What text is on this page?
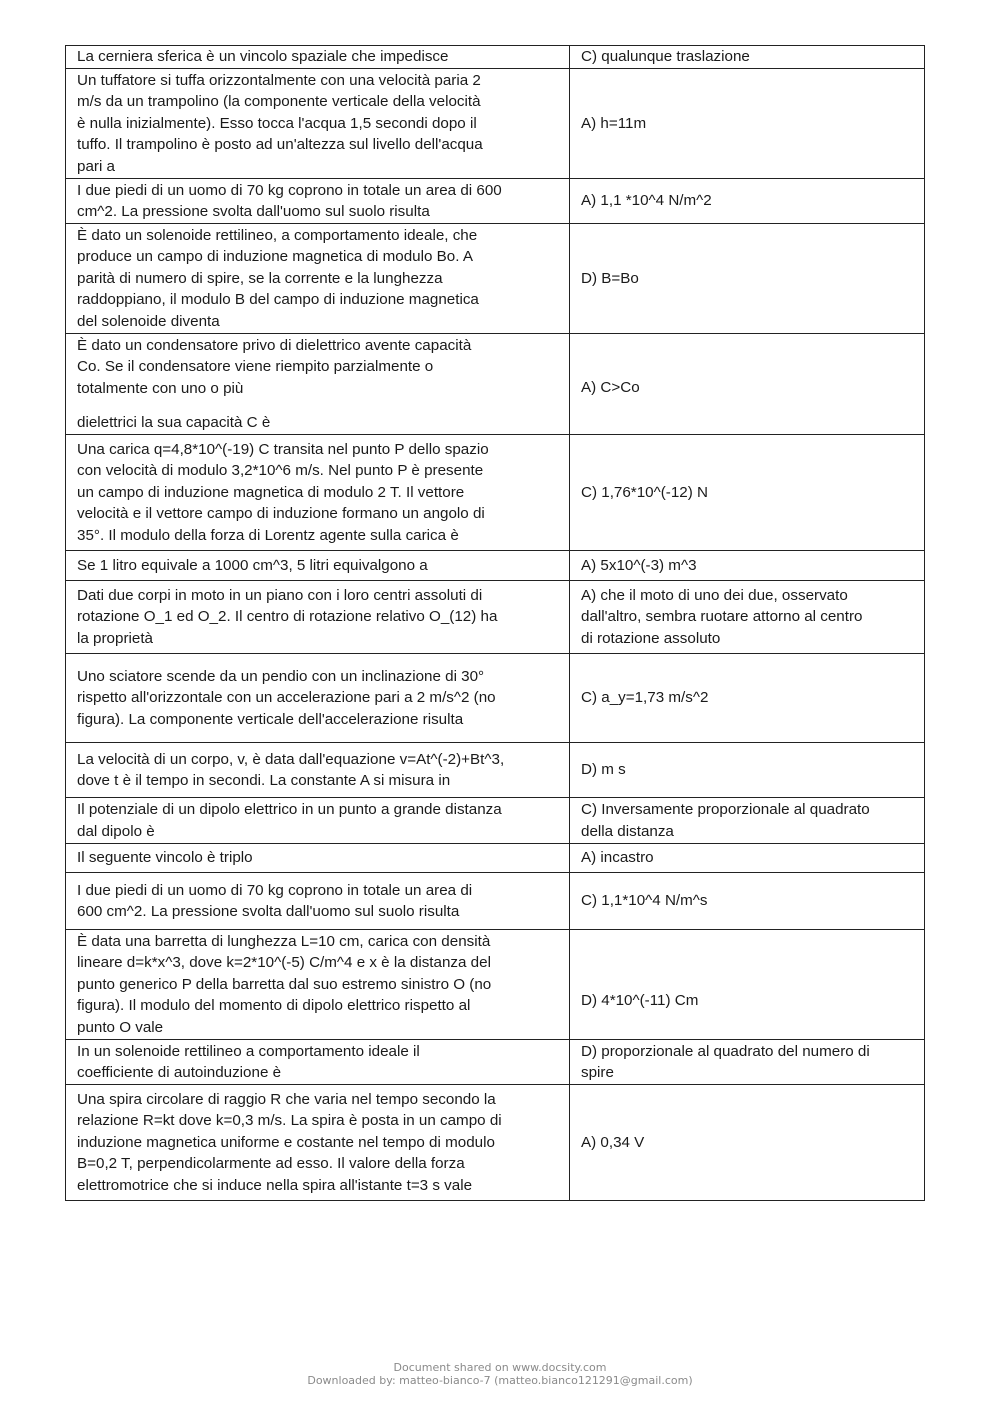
La cerniera sferica è un vincolo spaziale che impedisce	C) qualunque traslazione
Un tuffatore si tuffa orizzontalmente con una velocità paria 2
m/s da un trampolino (la componente verticale della velocità
è nulla inizialmente). Esso tocca l'acqua 1,5 secondi dopo il
tuffo. Il trampolino è posto ad un'altezza sul livello dell'acqua
pari a	A) h=11m
I due piedi di un uomo di 70 kg coprono in totale un area di 600
cm^2. La pressione svolta dall'uomo sul suolo risulta	A) 1,1 *10^4 N/m^2
È dato un solenoide rettilineo, a comportamento ideale, che
produce un campo di induzione magnetica di modulo Bo. A
parità di numero di spire, se la corrente e la lunghezza
raddoppiano, il modulo B del campo di induzione magnetica
del solenoide diventa	D) B=Bo

È dato un condensatore privo di dielettrico avente capacità
Co. Se il condensatore viene riempito parzialmente o
totalmente con uno o più
dielettrici la sua capacità C è	A) C>Co
Una carica q=4,8*10^(-19) C transita nel punto P dello spazio
con velocità di modulo 3,2*10^6 m/s. Nel punto P è presente
un campo di induzione magnetica di modulo 2 T. Il vettore
velocità e il vettore campo di induzione formano un angolo di
35°. Il modulo della forza di Lorentz agente sulla carica è	C) 1,76*10^(-12) N
Se 1 litro equivale a 1000 cm^3, 5 litri equivalgono a	A) 5x10^(-3) m^3
Dati due corpi in moto in un piano con i loro centri assoluti di
rotazione O_1 ed O_2. Il centro di rotazione relativo O_(12) ha
la proprietà	A) che il moto di uno dei due, osservato
dall'altro, sembra ruotare attorno al centro
di rotazione assoluto
Uno sciatore scende da un pendio con un inclinazione di 30°
rispetto all'orizzontale con un accelerazione pari a 2 m/s^2 (no
figura). La componente verticale dell'accelerazione risulta	C) a_y=1,73 m/s^2
La velocità di un corpo, v, è data dall'equazione v=At^(-2)+Bt^3,
dove t è il tempo in secondi. La constante A si misura in	D) m s
Il potenziale di un dipolo elettrico in un punto a grande distanza
dal dipolo è	C) Inversamente proporzionale al quadrato
della distanza
Il seguente vincolo è triplo	A) incastro
I due piedi di un uomo di 70 kg coprono in totale un area di
600 cm^2. La pressione svolta dall'uomo sul suolo risulta	C) 1,1*10^4 N/m^s
È data una barretta di lunghezza L=10 cm, carica con densità
lineare d=k*x^3, dove k=2*10^(-5) C/m^4 e x è la distanza del
punto generico P della barretta dal suo estremo sinistro O (no
figura). Il modulo del momento di dipolo elettrico rispetto al
punto O vale	D) 4*10^(-11) Cm
In un solenoide rettilineo a comportamento ideale il
coefficiente di autoinduzione è	D) proporzionale al quadrato del numero di
spire
Una spira circolare di raggio R che varia nel tempo secondo la
relazione R=kt dove k=0,3 m/s. La spira è posta in un campo di
induzione magnetica uniforme e costante nel tempo di modulo
B=0,2 T, perpendicolarmente ad esso. Il valore della forza
elettromotrice che si induce nella spira all'istante t=3 s vale	A) 0,34 V
Document shared on www.docsity.com
Downloaded by: matteo-bianco-7 (matteo.bianco121291@gmail.com)
